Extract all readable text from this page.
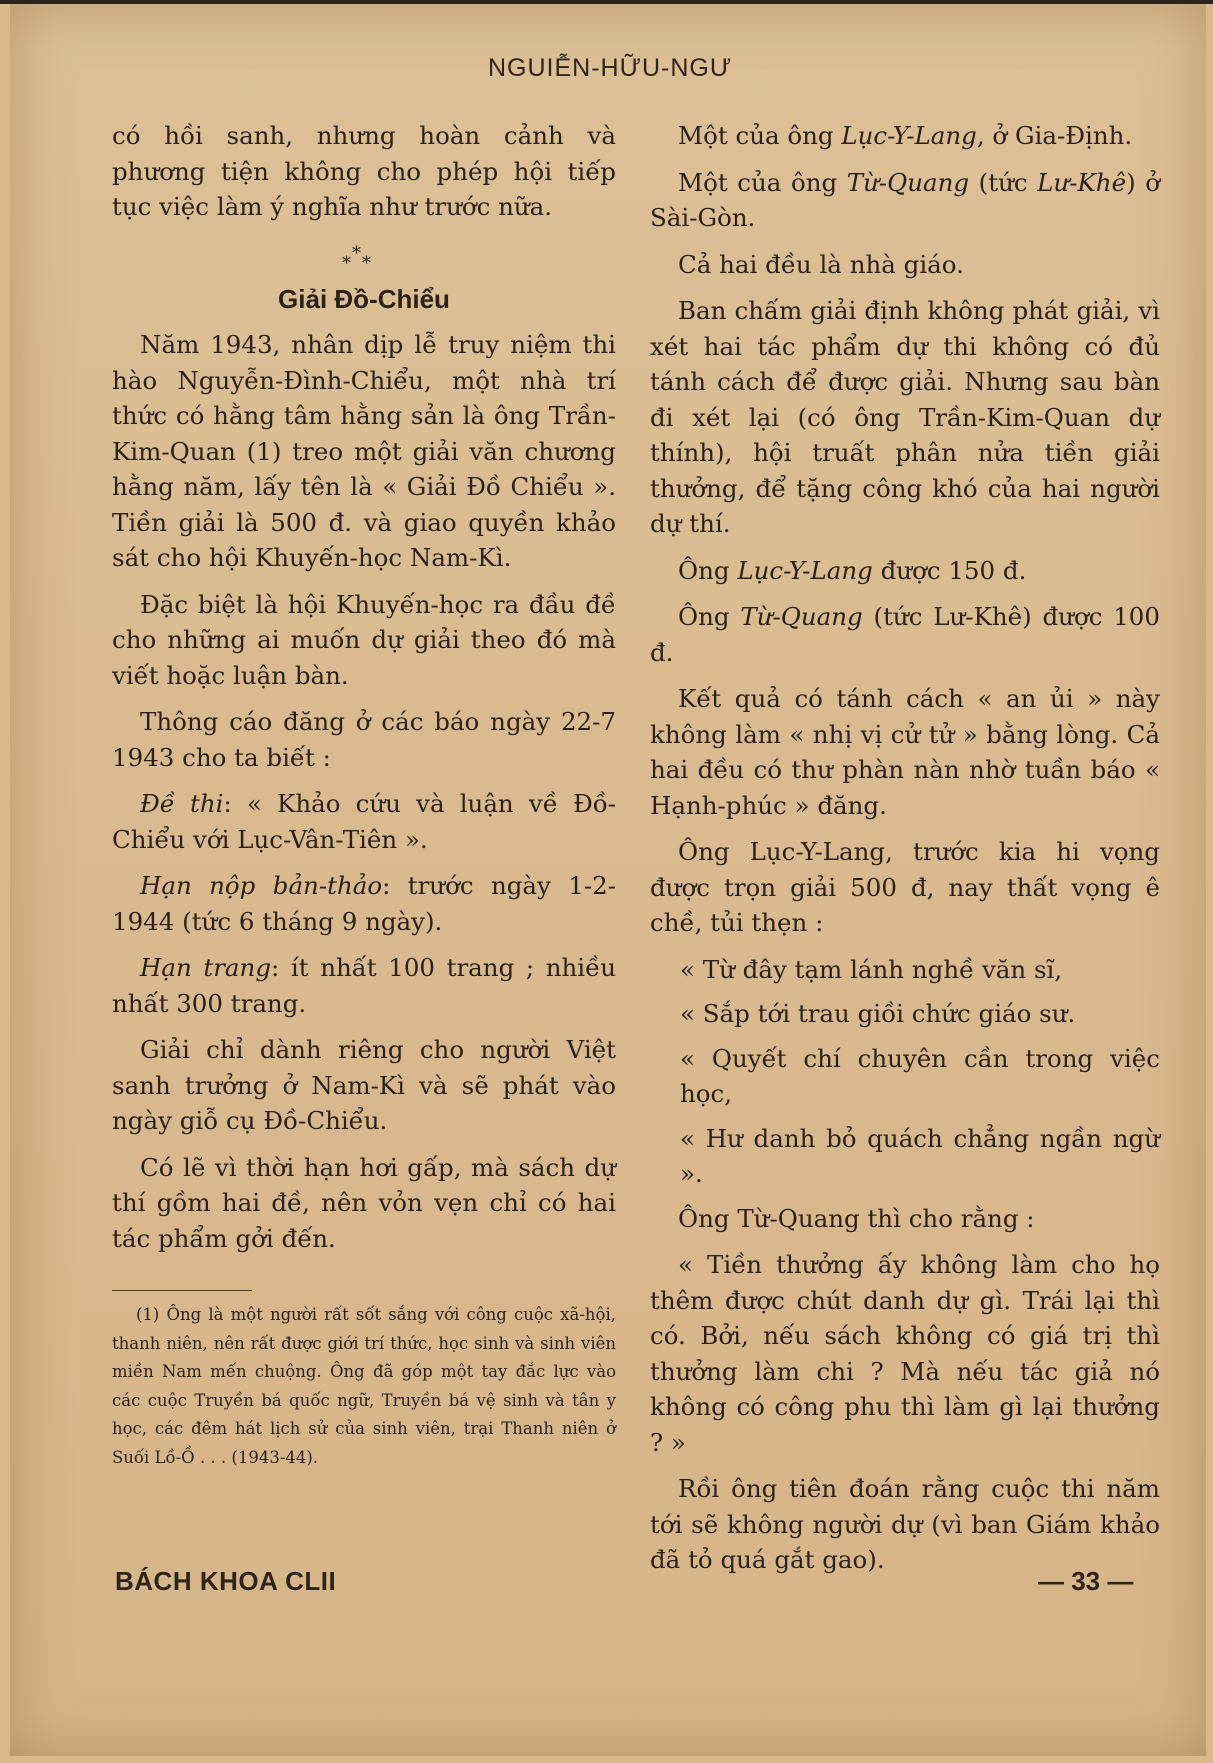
NGUIỄN-HỮU-NGƯ

có hồi sanh, nhưng hoàn cảnh và phương tiện không cho phép hội tiếp tục việc làm ý nghĩa như trước nữa.

*
* *
Giải Đồ-Chiểu

Năm 1943, nhân dịp lễ truy niệm thi hào Nguyễn-Đình-Chiểu, một nhà trí thức có hằng tâm hằng sản là ông Trần-Kim-Quan (1) treo một giải văn chương hằng năm, lấy tên là « Giải Đồ Chiểu ». Tiền giải là 500 đ. và giao quyền khảo sát cho hội Khuyến-học Nam-Kì.

Đặc biệt là hội Khuyến-học ra đầu đề cho những ai muốn dự giải theo đó mà viết hoặc luận bàn.

Thông cáo đăng ở các báo ngày 22-7 1943 cho ta biết :

Đề thi: « Khảo cứu và luận về Đồ-Chiểu với Lục-Vân-Tiên ».

Hạn nộp bản-thảo: trước ngày 1-2-1944 (tức 6 tháng 9 ngày).

Hạn trang: ít nhất 100 trang ; nhiều nhất 300 trang.

Giải chỉ dành riêng cho người Việt sanh trưởng ở Nam-Kì và sẽ phát vào ngày giỗ cụ Đồ-Chiểu.

Có lẽ vì thời hạn hơi gấp, mà sách dự thí gồm hai đề, nên vỏn vẹn chỉ có hai tác phẩm gởi đến.

(1) Ông là một người rất sốt sắng với công cuộc xã-hội, thanh niên, nên rất được giới trí thức, học sinh và sinh viên miền Nam mến chuộng. Ông đã góp một tay đắc lực vào các cuộc Truyền bá quốc ngữ, Truyền bá vệ sinh và tân y học, các đêm hát lịch sử của sinh viên, trại Thanh niên ở Suối Lồ-Ồ . . . (1943-44).

Một của ông Lục-Y-Lang, ở Gia-Định.

Một của ông Từ-Quang (tức Lư-Khê) ở Sài-Gòn.

Cả hai đều là nhà giáo.

Ban chấm giải định không phát giải, vì xét hai tác phẩm dự thi không có đủ tánh cách để được giải. Nhưng sau bàn đi xét lại (có ông Trần-Kim-Quan dự thính), hội truất phân nửa tiền giải thưởng, để tặng công khó của hai người dự thí.

Ông Lục-Y-Lang được 150 đ.

Ông Từ-Quang (tức Lư-Khê) được 100 đ.

Kết quả có tánh cách « an ủi » này không làm « nhị vị cử tử » bằng lòng. Cả hai đều có thư phàn nàn nhờ tuần báo « Hạnh-phúc » đăng.

Ông Lục-Y-Lang, trước kia hi vọng được trọn giải 500 đ, nay thất vọng ê chề, tủi thẹn :

« Từ đây tạm lánh nghề văn sĩ,

« Sắp tới trau giồi chức giáo sư.

« Quyết chí chuyên cần trong việc học,

« Hư danh bỏ quách chẳng ngần ngừ ».

Ông Từ-Quang thì cho rằng :

« Tiền thưởng ấy không làm cho họ thêm được chút danh dự gì. Trái lại thì có. Bởi, nếu sách không có giá trị thì thưởng làm chi ? Mà nếu tác giả nó không có công phu thì làm gì lại thưởng ? »

Rồi ông tiên đoán rằng cuộc thi năm tới sẽ không người dự (vì ban Giám khảo đã tỏ quá gắt gao).

BÁCH KHOA CLII	— 33 —
